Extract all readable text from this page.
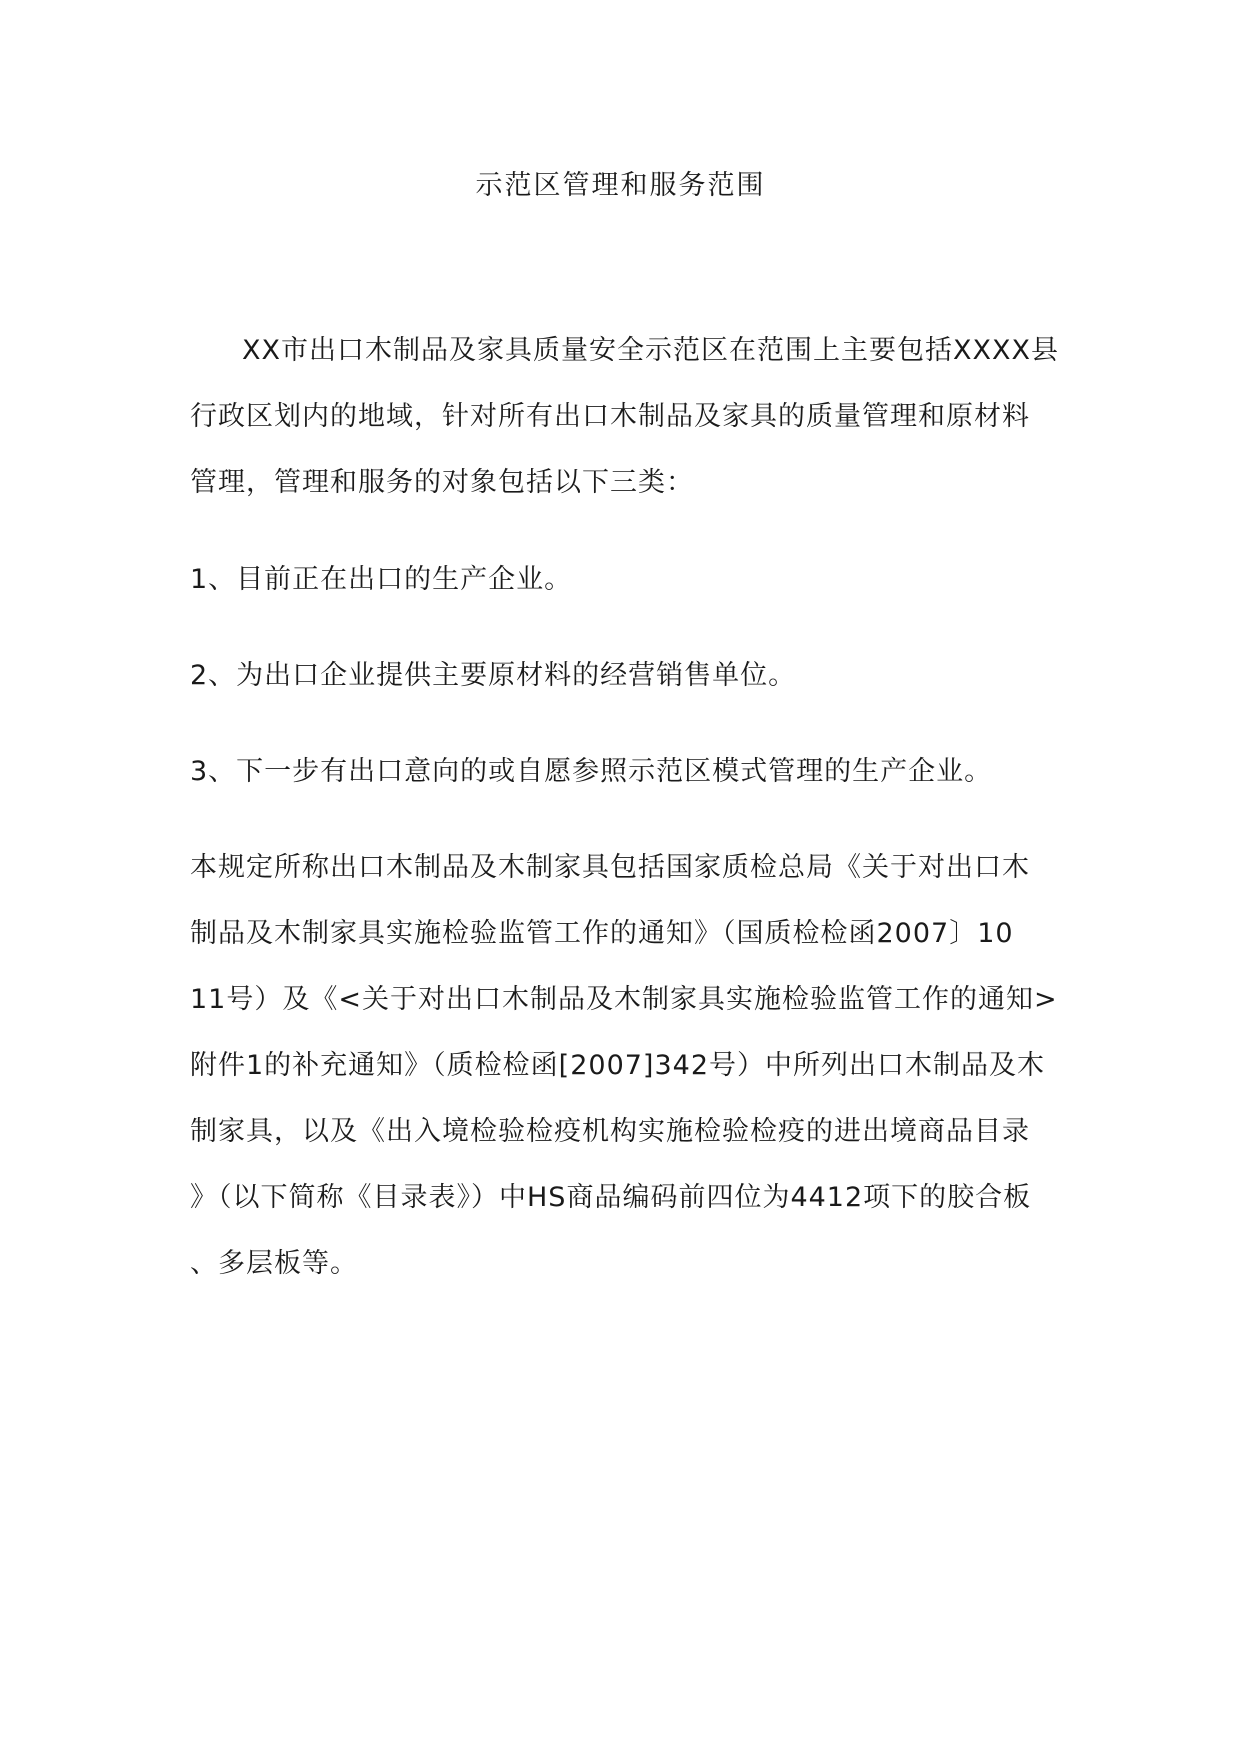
示范区管理和服务范围
XX市出口木制品及家具质量安全示范区在范围上主要包括XXXX县
行政区划内的地域，针对所有出口木制品及家具的质量管理和原材料
管理，管理和服务的对象包括以下三类：
1、目前正在出口的生产企业。
2、为出口企业提供主要原材料的经营销售单位。
3、下一步有出口意向的或自愿参照示范区模式管理的生产企业。
本规定所称出口木制品及木制家具包括国家质检总局《关于对出口木
制品及木制家具实施检验监管工作的通知》（国质检检函2007〕10
11号）及《<关于对出口木制品及木制家具实施检验监管工作的通知>
附件1的补充通知》（质检检函[2007]342号）中所列出口木制品及木
制家具，以及《出入境检验检疫机构实施检验检疫的进出境商品目录
》（以下简称《目录表》）中HS商品编码前四位为4412项下的胶合板
、多层板等。
